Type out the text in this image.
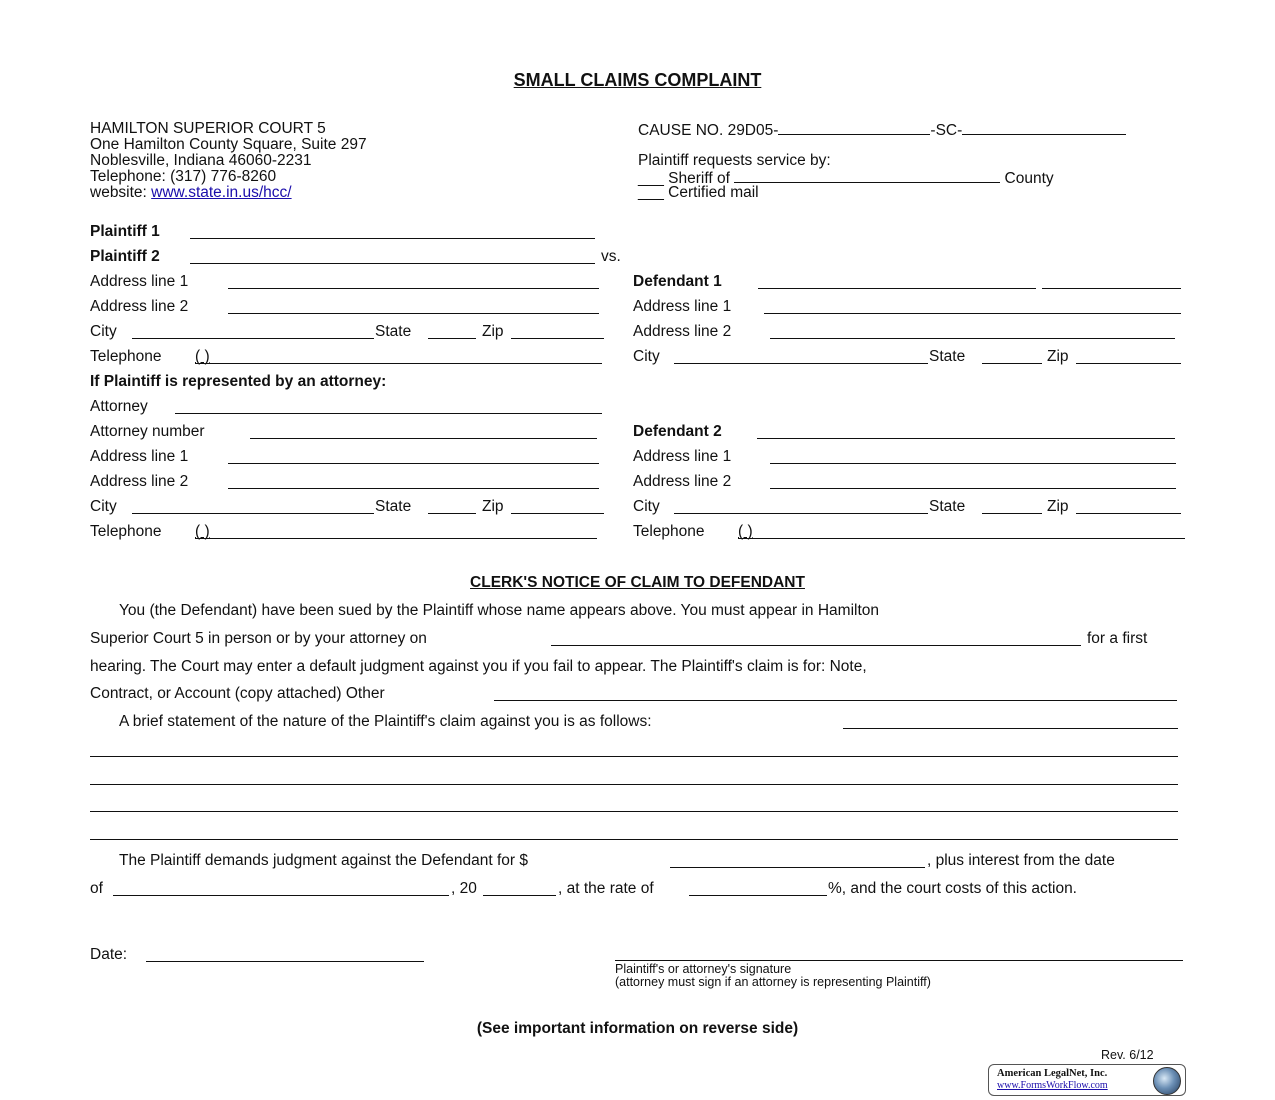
SMALL CLAIMS COMPLAINT
HAMILTON SUPERIOR COURT 5
One Hamilton County Square, Suite 297
Noblesville, Indiana 46060-2231
Telephone: (317) 776-8260
website: www.state.in.us/hcc/
CAUSE NO. 29D05-	-SC-
Plaintiff requests service by:
___ Sheriff of	County
___ Certified mail
Plaintiff 1
Plaintiff 2	vs.
Address line 1
Address line 2
City	State	Zip
Telephone ( )
If Plaintiff is represented by an attorney:
Attorney
Attorney number
Address line 1
Address line 2
City	State	Zip
Telephone ( )
Defendant 1
Address line 1
Address line 2
City	State	Zip
Defendant 2
Address line 1
Address line 2
City	State	Zip
Telephone ( )
CLERK'S NOTICE OF CLAIM TO DEFENDANT
You (the Defendant) have been sued by the Plaintiff whose name appears above. You must appear in Hamilton
Superior Court 5 in person or by your attorney on	for a first
hearing. The Court may enter a default judgment against you if you fail to appear. The Plaintiff's claim is for: Note,
Contract, or Account (copy attached) Other
A brief statement of the nature of the Plaintiff's claim against you is as follows:
The Plaintiff demands judgment against the Defendant for $	, plus interest from the date
of	, 20	, at the rate of	%, and the court costs of this action.
Date:
Plaintiff's or attorney's signature
(attorney must sign if an attorney is representing Plaintiff)
(See important information on reverse side)
Rev. 6/12
American LegalNet, Inc.
www.FormsWorkFlow.com
